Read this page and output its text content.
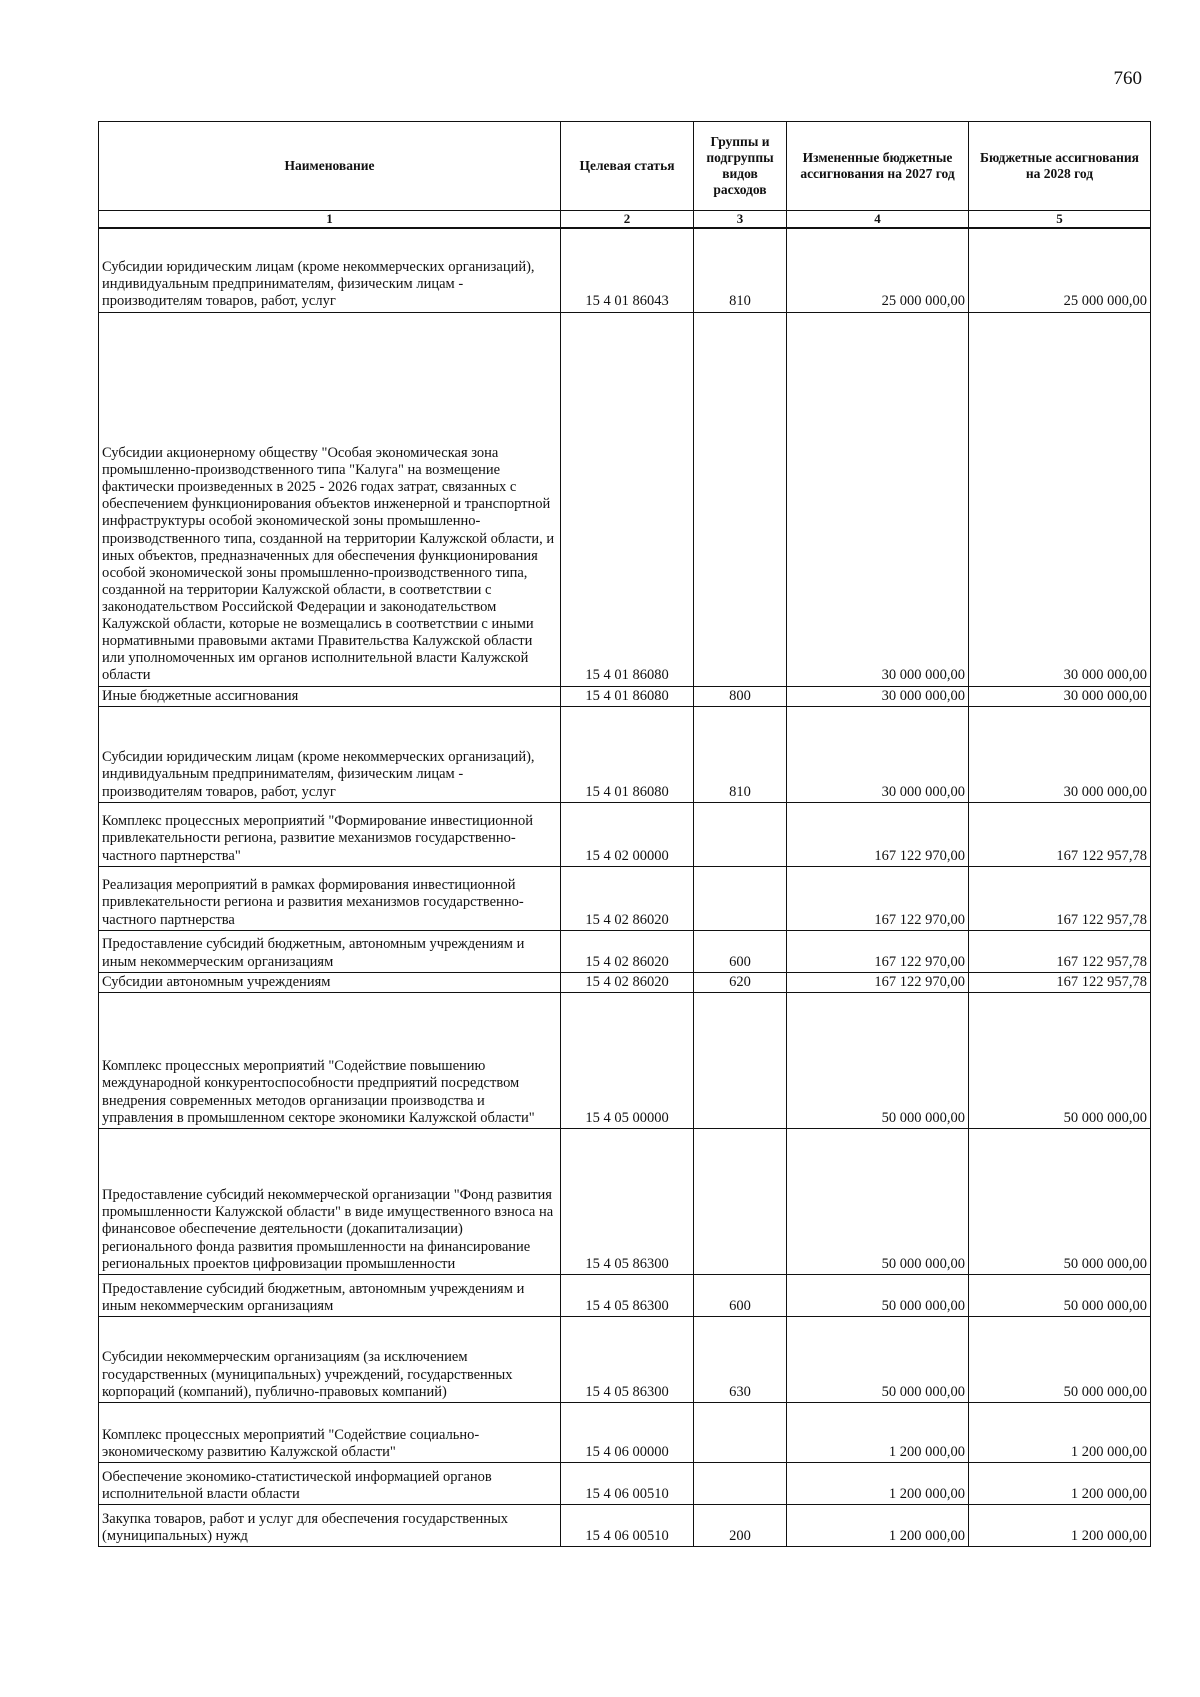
760
Наименование	Целевая статья	Группы и подгруппы видов расходов	Измененные бюджетные ассигнования на 2027 год	Бюджетные ассигнования на 2028 год
1	2	3	4	5
Субсидии юридическим лицам (кроме некоммерческих организаций), индивидуальным предпринимателям, физическим лицам - производителям товаров, работ, услуг	15 4 01 86043	810	25 000 000,00	25 000 000,00
Субсидии акционерному обществу "Особая экономическая зона промышленно-производственного типа "Калуга" на возмещение фактически произведенных в 2025 - 2026 годах затрат, связанных с обеспечением функционирования объектов инженерной и транспортной инфраструктуры особой экономической зоны промышленно-производственного типа, созданной на территории Калужской области, и иных объектов, предназначенных для обеспечения функционирования особой экономической зоны промышленно-производственного типа, созданной на территории Калужской области, в соответствии с законодательством Российской Федерации и законодательством Калужской области, которые не возмещались в соответствии с иными нормативными правовыми актами Правительства Калужской области или уполномоченных им органов исполнительной власти Калужской области	15 4 01 86080		30 000 000,00	30 000 000,00
Иные бюджетные ассигнования	15 4 01 86080	800	30 000 000,00	30 000 000,00
Субсидии юридическим лицам (кроме некоммерческих организаций), индивидуальным предпринимателям, физическим лицам - производителям товаров, работ, услуг	15 4 01 86080	810	30 000 000,00	30 000 000,00
Комплекс процессных мероприятий "Формирование инвестиционной привлекательности региона, развитие механизмов государственно-частного партнерства"	15 4 02 00000		167 122 970,00	167 122 957,78
Реализация мероприятий в рамках формирования инвестиционной привлекательности региона и развития механизмов государственно-частного партнерства	15 4 02 86020		167 122 970,00	167 122 957,78
Предоставление субсидий бюджетным, автономным учреждениям и иным некоммерческим организациям	15 4 02 86020	600	167 122 970,00	167 122 957,78
Субсидии автономным учреждениям	15 4 02 86020	620	167 122 970,00	167 122 957,78
Комплекс процессных мероприятий "Содействие повышению международной конкурентоспособности предприятий посредством внедрения современных методов организации производства и управления в промышленном секторе экономики Калужской области"	15 4 05 00000		50 000 000,00	50 000 000,00
Предоставление субсидий некоммерческой организации "Фонд развития промышленности Калужской области" в виде имущественного взноса на финансовое обеспечение деятельности (докапитализации) регионального фонда развития промышленности на финансирование региональных проектов цифровизации промышленности	15 4 05 86300		50 000 000,00	50 000 000,00
Предоставление субсидий бюджетным, автономным учреждениям и иным некоммерческим организациям	15 4 05 86300	600	50 000 000,00	50 000 000,00
Субсидии некоммерческим организациям (за исключением государственных (муниципальных) учреждений, государственных корпораций (компаний), публично-правовых компаний)	15 4 05 86300	630	50 000 000,00	50 000 000,00
Комплекс процессных мероприятий "Содействие социально-экономическому развитию Калужской области"	15 4 06 00000		1 200 000,00	1 200 000,00
Обеспечение экономико-статистической информацией органов исполнительной власти области	15 4 06 00510		1 200 000,00	1 200 000,00
Закупка товаров, работ и услуг для обеспечения государственных (муниципальных) нужд	15 4 06 00510	200	1 200 000,00	1 200 000,00
